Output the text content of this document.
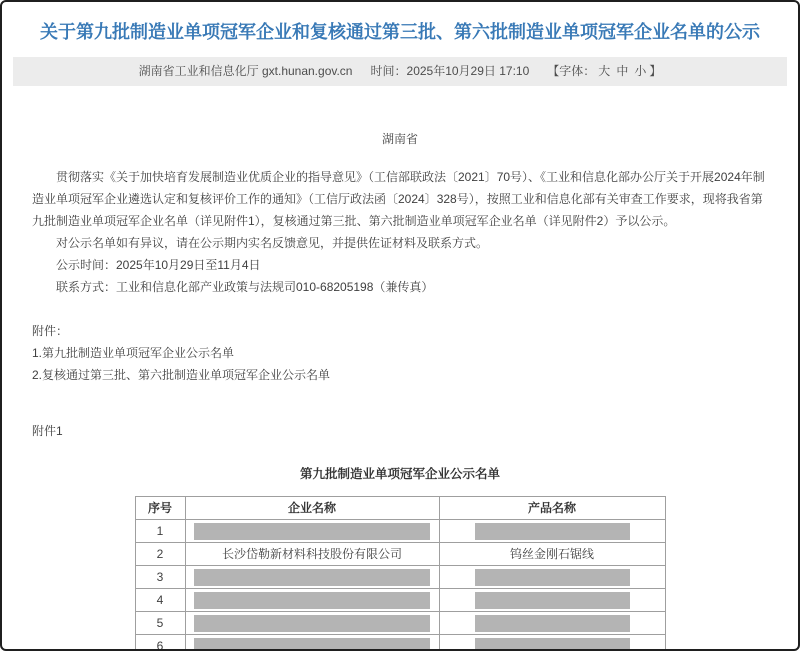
关于第九批制造业单项冠军企业和复核通过第三批、第六批制造业单项冠军企业名单的公示
湖南省工业和信息化厅 gxt.hunan.gov.cn 时间：2025年10月29日 17:10 【字体： 大 中 小 】

湖南省

贯彻落实《关于加快培育发展制造业优质企业的指导意见》（工信部联政法〔2021〕70号）、《工业和信息化部办公厅关于开展2024年制造业单项冠军企业遴选认定和复核评价工作的通知》（工信厅政法函〔2024〕328号），按照工业和信息化部有关审查工作要求，现将我省第九批制造业单项冠军企业名单（详见附件1），复核通过第三批、第六批制造业单项冠军企业名单（详见附件2）予以公示。

对公示名单如有异议，请在公示期内实名反馈意见，并提供佐证材料及联系方式。

公示时间：2025年10月29日至11月4日

联系方式：工业和信息化部产业政策与法规司010-68205198（兼传真）

附件：

1.第九批制造业单项冠军企业公示名单

2.复核通过第三批、第六批制造业单项冠军企业公示名单

附件1

第九批制造业单项冠军企业公示名单

序号	企业名称	产品名称
1	

2	长沙岱勒新材料科技股份有限公司	钨丝金刚石锯线
3	

4	

5	

6	
